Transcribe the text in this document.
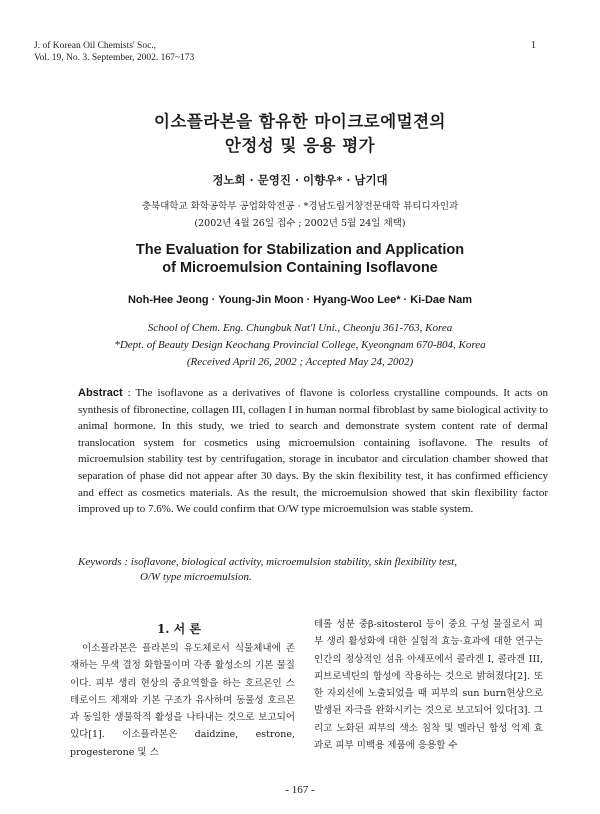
J. of Korean Oil Chemists' Soc.,
Vol. 19, No. 3. September, 2002. 167~173
1
이소플라본을 함유한 마이크로에멀젼의
안정성 및 응용 평가
정노희 · 문영진 · 이향우* · 남기대
충북대학교 화학공학부 공업화학전공 · *경남도립거창전문대학 뷰티디자인과
(2002년 4월 26일 접수 ; 2002년 5월 24일 채택)
The Evaluation for Stabilization and Application
of Microemulsion Containing Isoflavone
Noh-Hee Jeong · Young-Jin Moon · Hyang-Woo Lee* · Ki-Dae Nam
School of Chem. Eng. Chungbuk Nat'l Uni., Cheonju 361-763, Korea
*Dept. of Beauty Design Keochang Provincial College, Kyeongnam 670-804, Korea
(Received April 26, 2002 ; Accepted May 24, 2002)
Abstract : The isoflavone as a derivatives of flavone is colorless crystalline compounds. It acts on synthesis of fibronectine, collagen III, collagen I in human normal fibroblast by same biological activity to animal hormone. In this study, we tried to search and demonstrate system content rate of dermal translocation system for cosmetics using microemulsion containing isoflavone. The results of microemulsion stability test by centrifugation, storage in incubator and circulation chamber showed that separation of phase did not appear after 30 days. By the skin flexibility test, it has confirmed efficiency and effect as cosmetics materials. As the result, the microemulsion showed that skin flexibility factor improved up to 7.6%. We could confirm that O/W type microemulsion was stable system.
Keywords : isoflavone, biological activity, microemulsion stability, skin flexibility test,
O/W type microemulsion.
1. 서 론

이소플라본은 플라본의 유도체로서 식물체내에 존재하는 무색 결정 화합물이며 각종 활성소의 기본 물질이다. 피부 생리 현상의 중요역할을 하는 호르몬인 스테로이드 제재와 기본 구조가 유사하며 동물성 호르몬과 동일한 생물학적 활성을 나타내는 것으로 보고되어 있다[1]. 이소플라본은 daidzine, estrone, progesterone 및 스

테롤 성분 중β-sitosterol 등이 중요 구성 물질로서 피부 생리 활성화에 대한 실험적 효능·효과에 대한 연구는 인간의 정상적인 섬유 아세포에서 콜라겐 I, 콜라겐 III, 피브로넥틴의 합성에 작용하는 것으로 밝혀졌다[2]. 또한 자외선에 노출되었을 때 피부의 sun burn현상으로 발생된 자극을 완화시키는 것으로 보고되어 있다[3]. 그리고 노화된 피부의 색소 침착 및 멜라닌 합성 억제 효과로 피부 미백용 제품에 응용할 수

- 167 -
